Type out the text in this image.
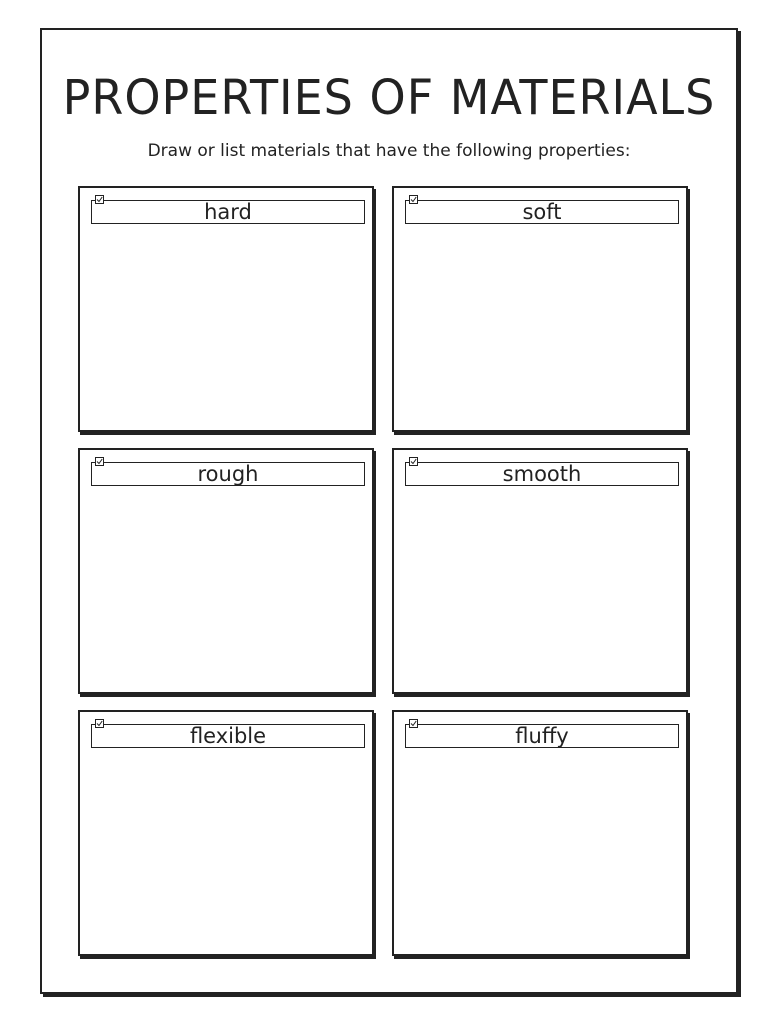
PROPERTIES OF MATERIALS
Draw or list materials that have the following properties:
hard	soft
rough	smooth
flexible	fluffy
